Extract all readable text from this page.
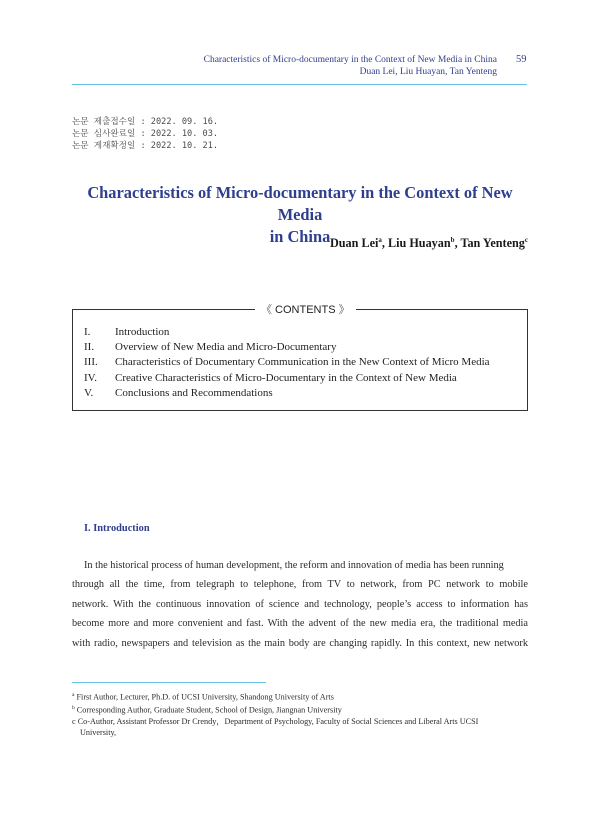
Characteristics of Micro-documentary in the Context of New Media in China
Duan Lei, Liu Huayan, Tan Yenteng
59
논문 제출접수일 : 2022. 09. 16.
논문 심사완료일 : 2022. 10. 03.
논문 게재확정일 : 2022. 10. 21.
Characteristics of Micro-documentary in the Context of New Media
in China Duan Lei$^a$, Liu Huayan$^b$, Tan Yenteng$^c$
《 CONTENTS 》
I.	Introduction
II.	Overview of New Media and Micro-Documentary
III.	Characteristics of Documentary Communication in the New Context of Micro Media
IV.	Creative Characteristics of Micro-Documentary in the Context of New Media
V.	Conclusions and Recommendations
I. Introduction
In the historical process of human development, the reform and innovation of media has been running
through all the time, from telegraph to telephone, from TV to network, from PC network to mobile
network. With the continuous innovation of science and technology, people’s access to information has
become more and more convenient and fast. With the advent of the new media era, the traditional media
with radio, newspapers and television as the main body are changing rapidly. In this context, new network
$^a$ First Author, Lecturer, Ph.D. of UCSI University, Shandong University of Arts
$^b$ Corresponding Author, Graduate Student, School of Design, Jiangnan University
c Co-Author, Assistant Professor Dr Crendy，Department of Psychology, Faculty of Social Sciences and Liberal Arts UCSI
University,
